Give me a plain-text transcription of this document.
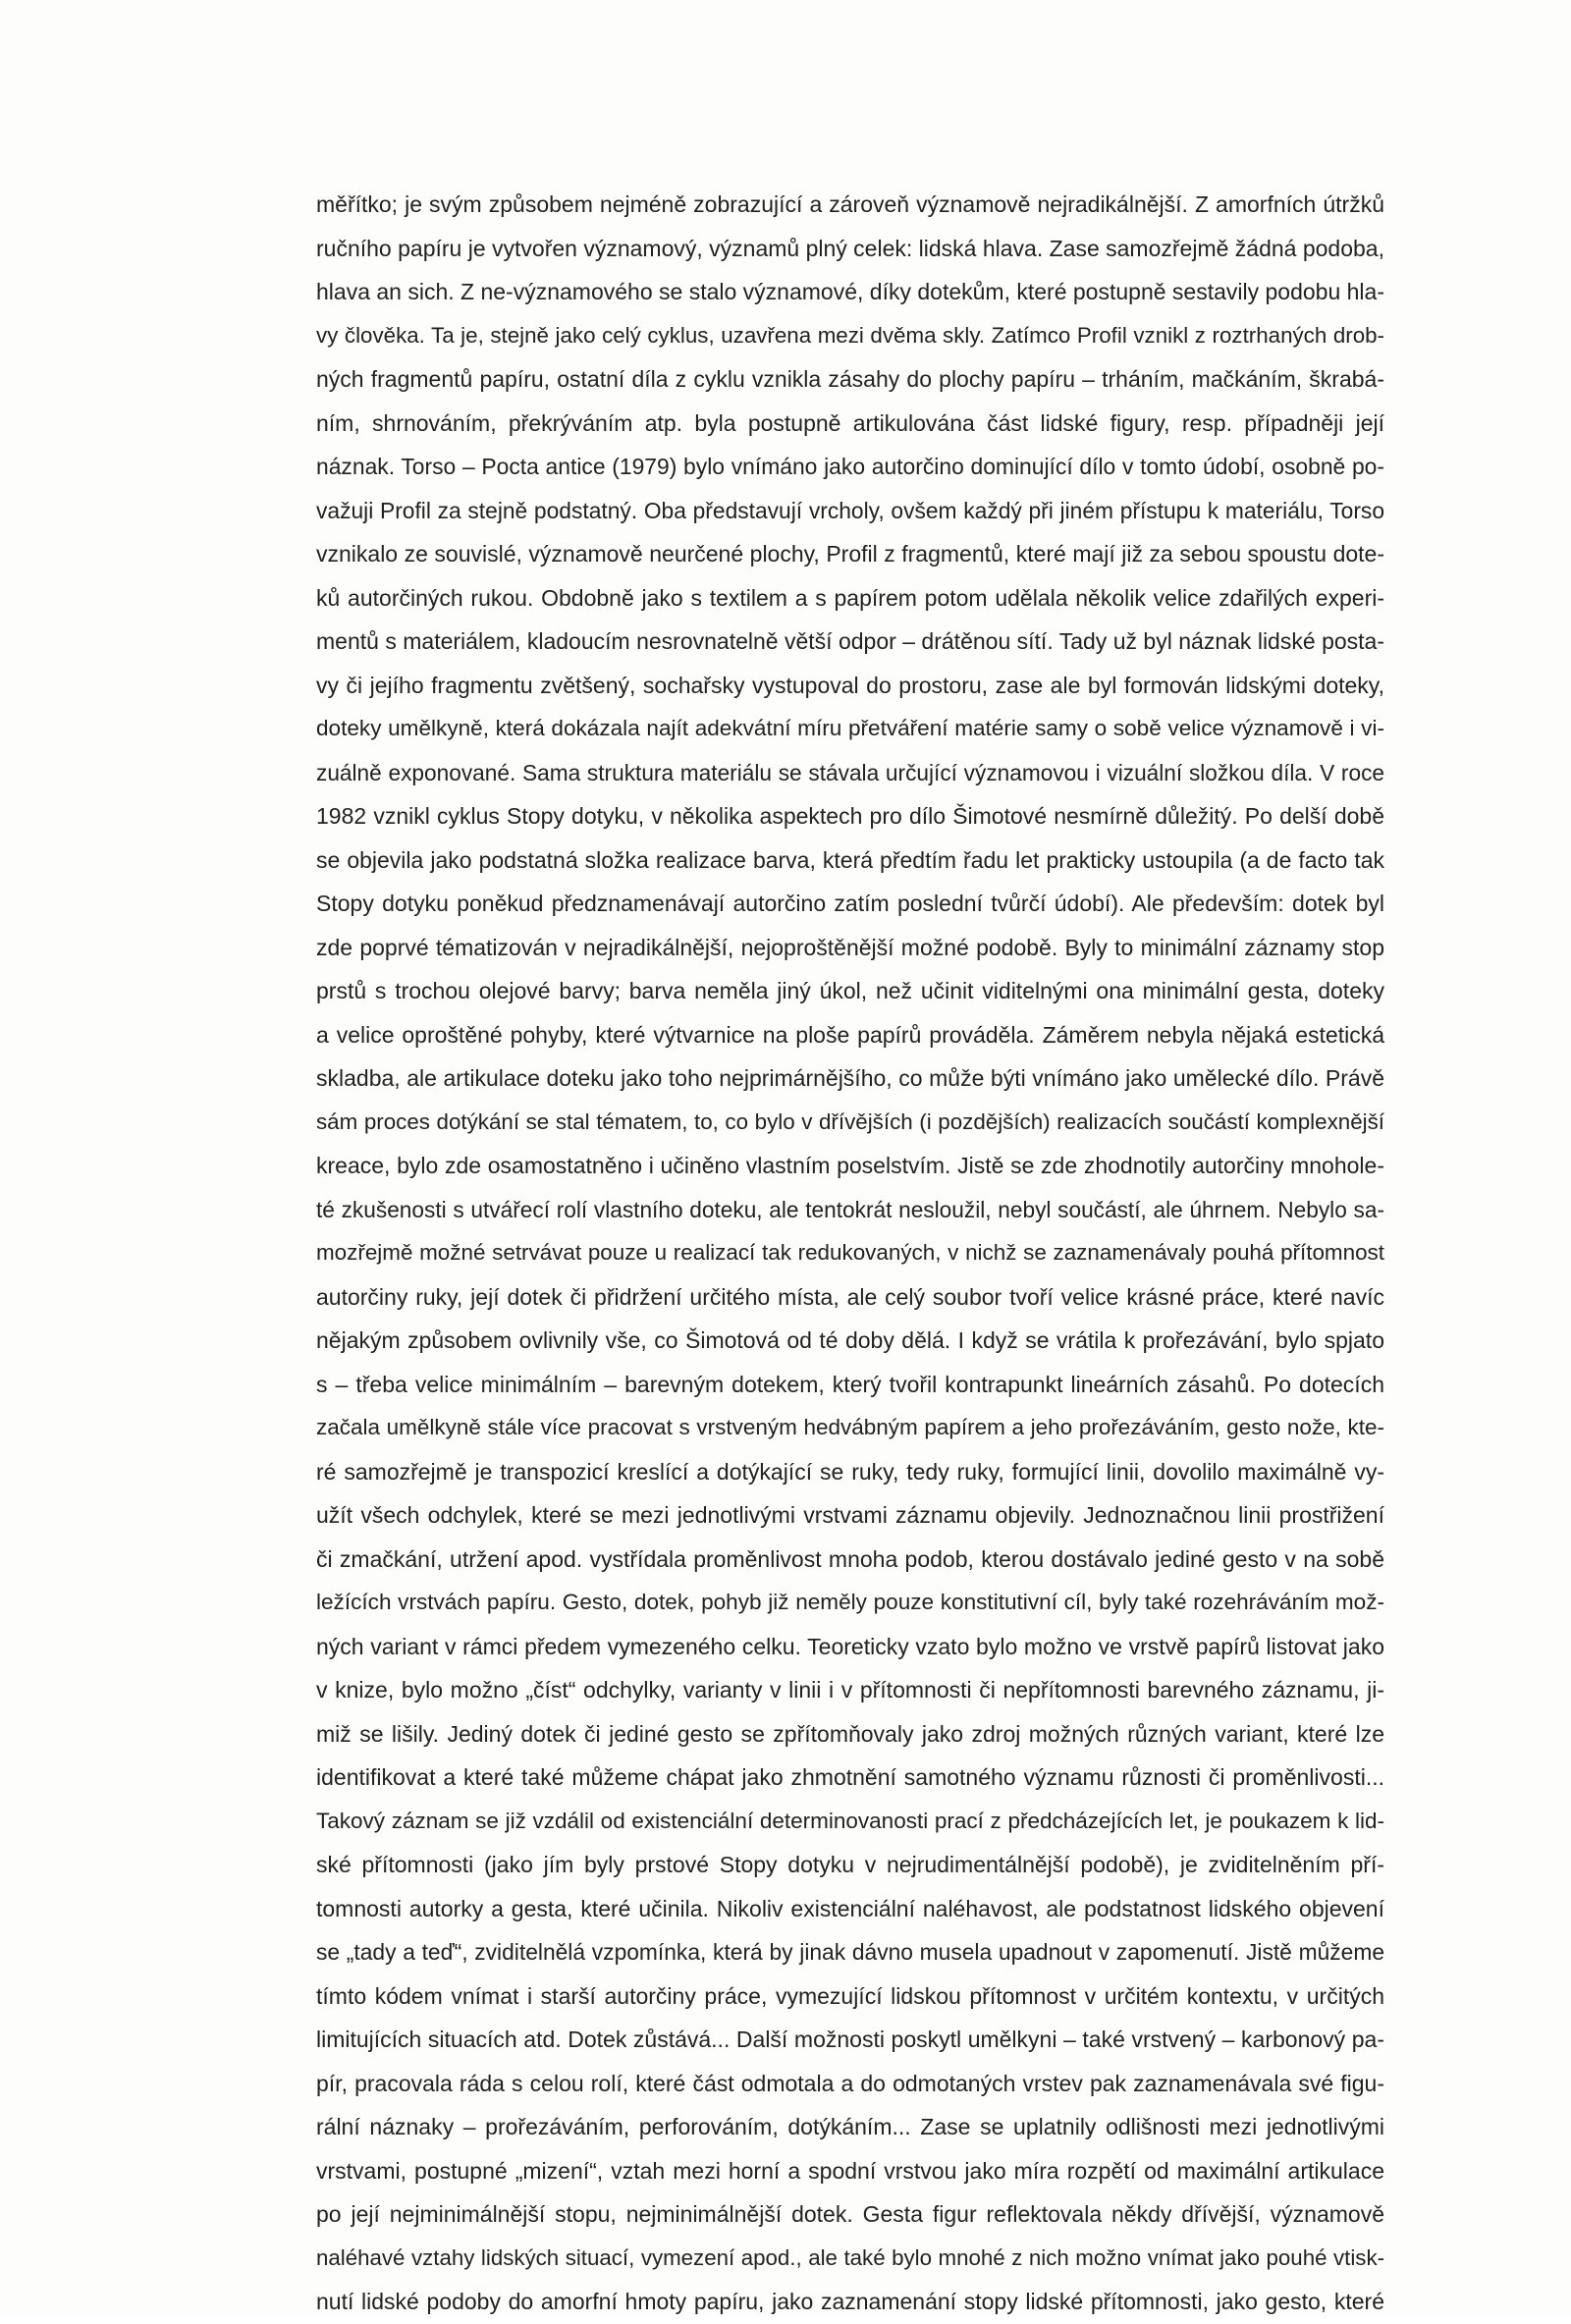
měřítko; je svým způsobem nejméně zobrazující a zároveň významově nejradikálnější. Z amorfních útržků
ručního papíru je vytvořen významový, významů plný celek: lidská hlava. Zase samozřejmě žádná podoba,
hlava an sich. Z ne-významového se stalo významové, díky dotekům, které postupně sestavily podobu hla-
vy člověka. Ta je, stejně jako celý cyklus, uzavřena mezi dvěma skly. Zatímco Profil vznikl z roztrhaných drob-
ných fragmentů papíru, ostatní díla z cyklu vznikla zásahy do plochy papíru – trháním, mačkáním, škrabá-
ním, shrnováním, překrýváním atp. byla postupně artikulována část lidské figury, resp. případněji její
náznak. Torso – Pocta antice (1979) bylo vnímáno jako autorčino dominující dílo v tomto údobí, osobně po-
važuji Profil za stejně podstatný. Oba představují vrcholy, ovšem každý při jiném přístupu k materiálu, Torso
vznikalo ze souvislé, významově neurčené plochy, Profil z fragmentů, které mají již za sebou spoustu dote-
ků autorčiných rukou. Obdobně jako s textilem a s papírem potom udělala několik velice zdařilých experi-
mentů s materiálem, kladoucím nesrovnatelně větší odpor – drátěnou sítí. Tady už byl náznak lidské posta-
vy či jejího fragmentu zvětšený, sochařsky vystupoval do prostoru, zase ale byl formován lidskými doteky,
doteky umělkyně, která dokázala najít adekvátní míru přetváření matérie samy o sobě velice významově i vi-
zuálně exponované. Sama struktura materiálu se stávala určující významovou i vizuální složkou díla. V roce
1982 vznikl cyklus Stopy dotyku, v několika aspektech pro dílo Šimotové nesmírně důležitý. Po delší době
se objevila jako podstatná složka realizace barva, která předtím řadu let prakticky ustoupila (a de facto tak
Stopy dotyku poněkud předznamenávají autorčino zatím poslední tvůrčí údobí). Ale především: dotek byl
zde poprvé tématizován v nejradikálnější, nejoproštěnější možné podobě. Byly to minimální záznamy stop
prstů s trochou olejové barvy; barva neměla jiný úkol, než učinit viditelnými ona minimální gesta, doteky
a velice oproštěné pohyby, které výtvarnice na ploše papírů prováděla. Záměrem nebyla nějaká estetická
skladba, ale artikulace doteku jako toho nejprimárnějšího, co může býti vnímáno jako umělecké dílo. Právě
sám proces dotýkání se stal tématem, to, co bylo v dřívějších (i pozdějších) realizacích součástí komplexnější
kreace, bylo zde osamostatněno i učiněno vlastním poselstvím. Jistě se zde zhodnotily autorčiny mnohole-
té zkušenosti s utvářecí rolí vlastního doteku, ale tentokrát nesloužil, nebyl součástí, ale úhrnem. Nebylo sa-
mozřejmě možné setrvávat pouze u realizací tak redukovaných, v nichž se zaznamenávaly pouhá přítomnost
autorčiny ruky, její dotek či přidržení určitého místa, ale celý soubor tvoří velice krásné práce, které navíc
nějakým způsobem ovlivnily vše, co Šimotová od té doby dělá. I když se vrátila k prořezávání, bylo spjato
s – třeba velice minimálním – barevným dotekem, který tvořil kontrapunkt lineárních zásahů. Po dotecích
začala umělkyně stále více pracovat s vrstveným hedvábným papírem a jeho prořezáváním, gesto nože, kte-
ré samozřejmě je transpozicí kreslící a dotýkající se ruky, tedy ruky, formující linii, dovolilo maximálně vy-
užít všech odchylek, které se mezi jednotlivými vrstvami záznamu objevily. Jednoznačnou linii prostřižení
či zmačkání, utržení apod. vystřídala proměnlivost mnoha podob, kterou dostávalo jediné gesto v na sobě
ležících vrstvách papíru. Gesto, dotek, pohyb již neměly pouze konstitutivní cíl, byly také rozehráváním mož-
ných variant v rámci předem vymezeného celku. Teoreticky vzato bylo možno ve vrstvě papírů listovat jako
v knize, bylo možno „číst“ odchylky, varianty v linii i v přítomnosti či nepřítomnosti barevného záznamu, ji-
miž se lišily. Jediný dotek či jediné gesto se zpřítomňovaly jako zdroj možných různých variant, které lze
identifikovat a které také můžeme chápat jako zhmotnění samotného významu různosti či proměnlivosti...
Takový záznam se již vzdálil od existenciální determinovanosti prací z předcházejících let, je poukazem k lid-
ské přítomnosti (jako jím byly prstové Stopy dotyku v nejrudimentálnější podobě), je zviditelněním pří-
tomnosti autorky a gesta, které učinila. Nikoliv existenciální naléhavost, ale podstatnost lidského objevení
se „tady a teď“, zviditelnělá vzpomínka, která by jinak dávno musela upadnout v zapomenutí. Jistě můžeme
tímto kódem vnímat i starší autorčiny práce, vymezující lidskou přítomnost v určitém kontextu, v určitých
limitujících situacích atd. Dotek zůstává... Další možnosti poskytl umělkyni – také vrstvený – karbonový pa-
pír, pracovala ráda s celou rolí, které část odmotala a do odmotaných vrstev pak zaznamenávala své figu-
rální náznaky – prořezáváním, perforováním, dotýkáním... Zase se uplatnily odlišnosti mezi jednotlivými
vrstvami, postupné „mizení“, vztah mezi horní a spodní vrstvou jako míra rozpětí od maximální artikulace
po její nejminimálnější stopu, nejminimálnější dotek. Gesta figur reflektovala někdy dřívější, významově
naléhavé vztahy lidských situací, vymezení apod., ale také bylo mnohé z nich možno vnímat jako pouhé vtisk-
nutí lidské podoby do amorfní hmoty papíru, jako zaznamenání stopy lidské přítomnosti, jako gesto, které
